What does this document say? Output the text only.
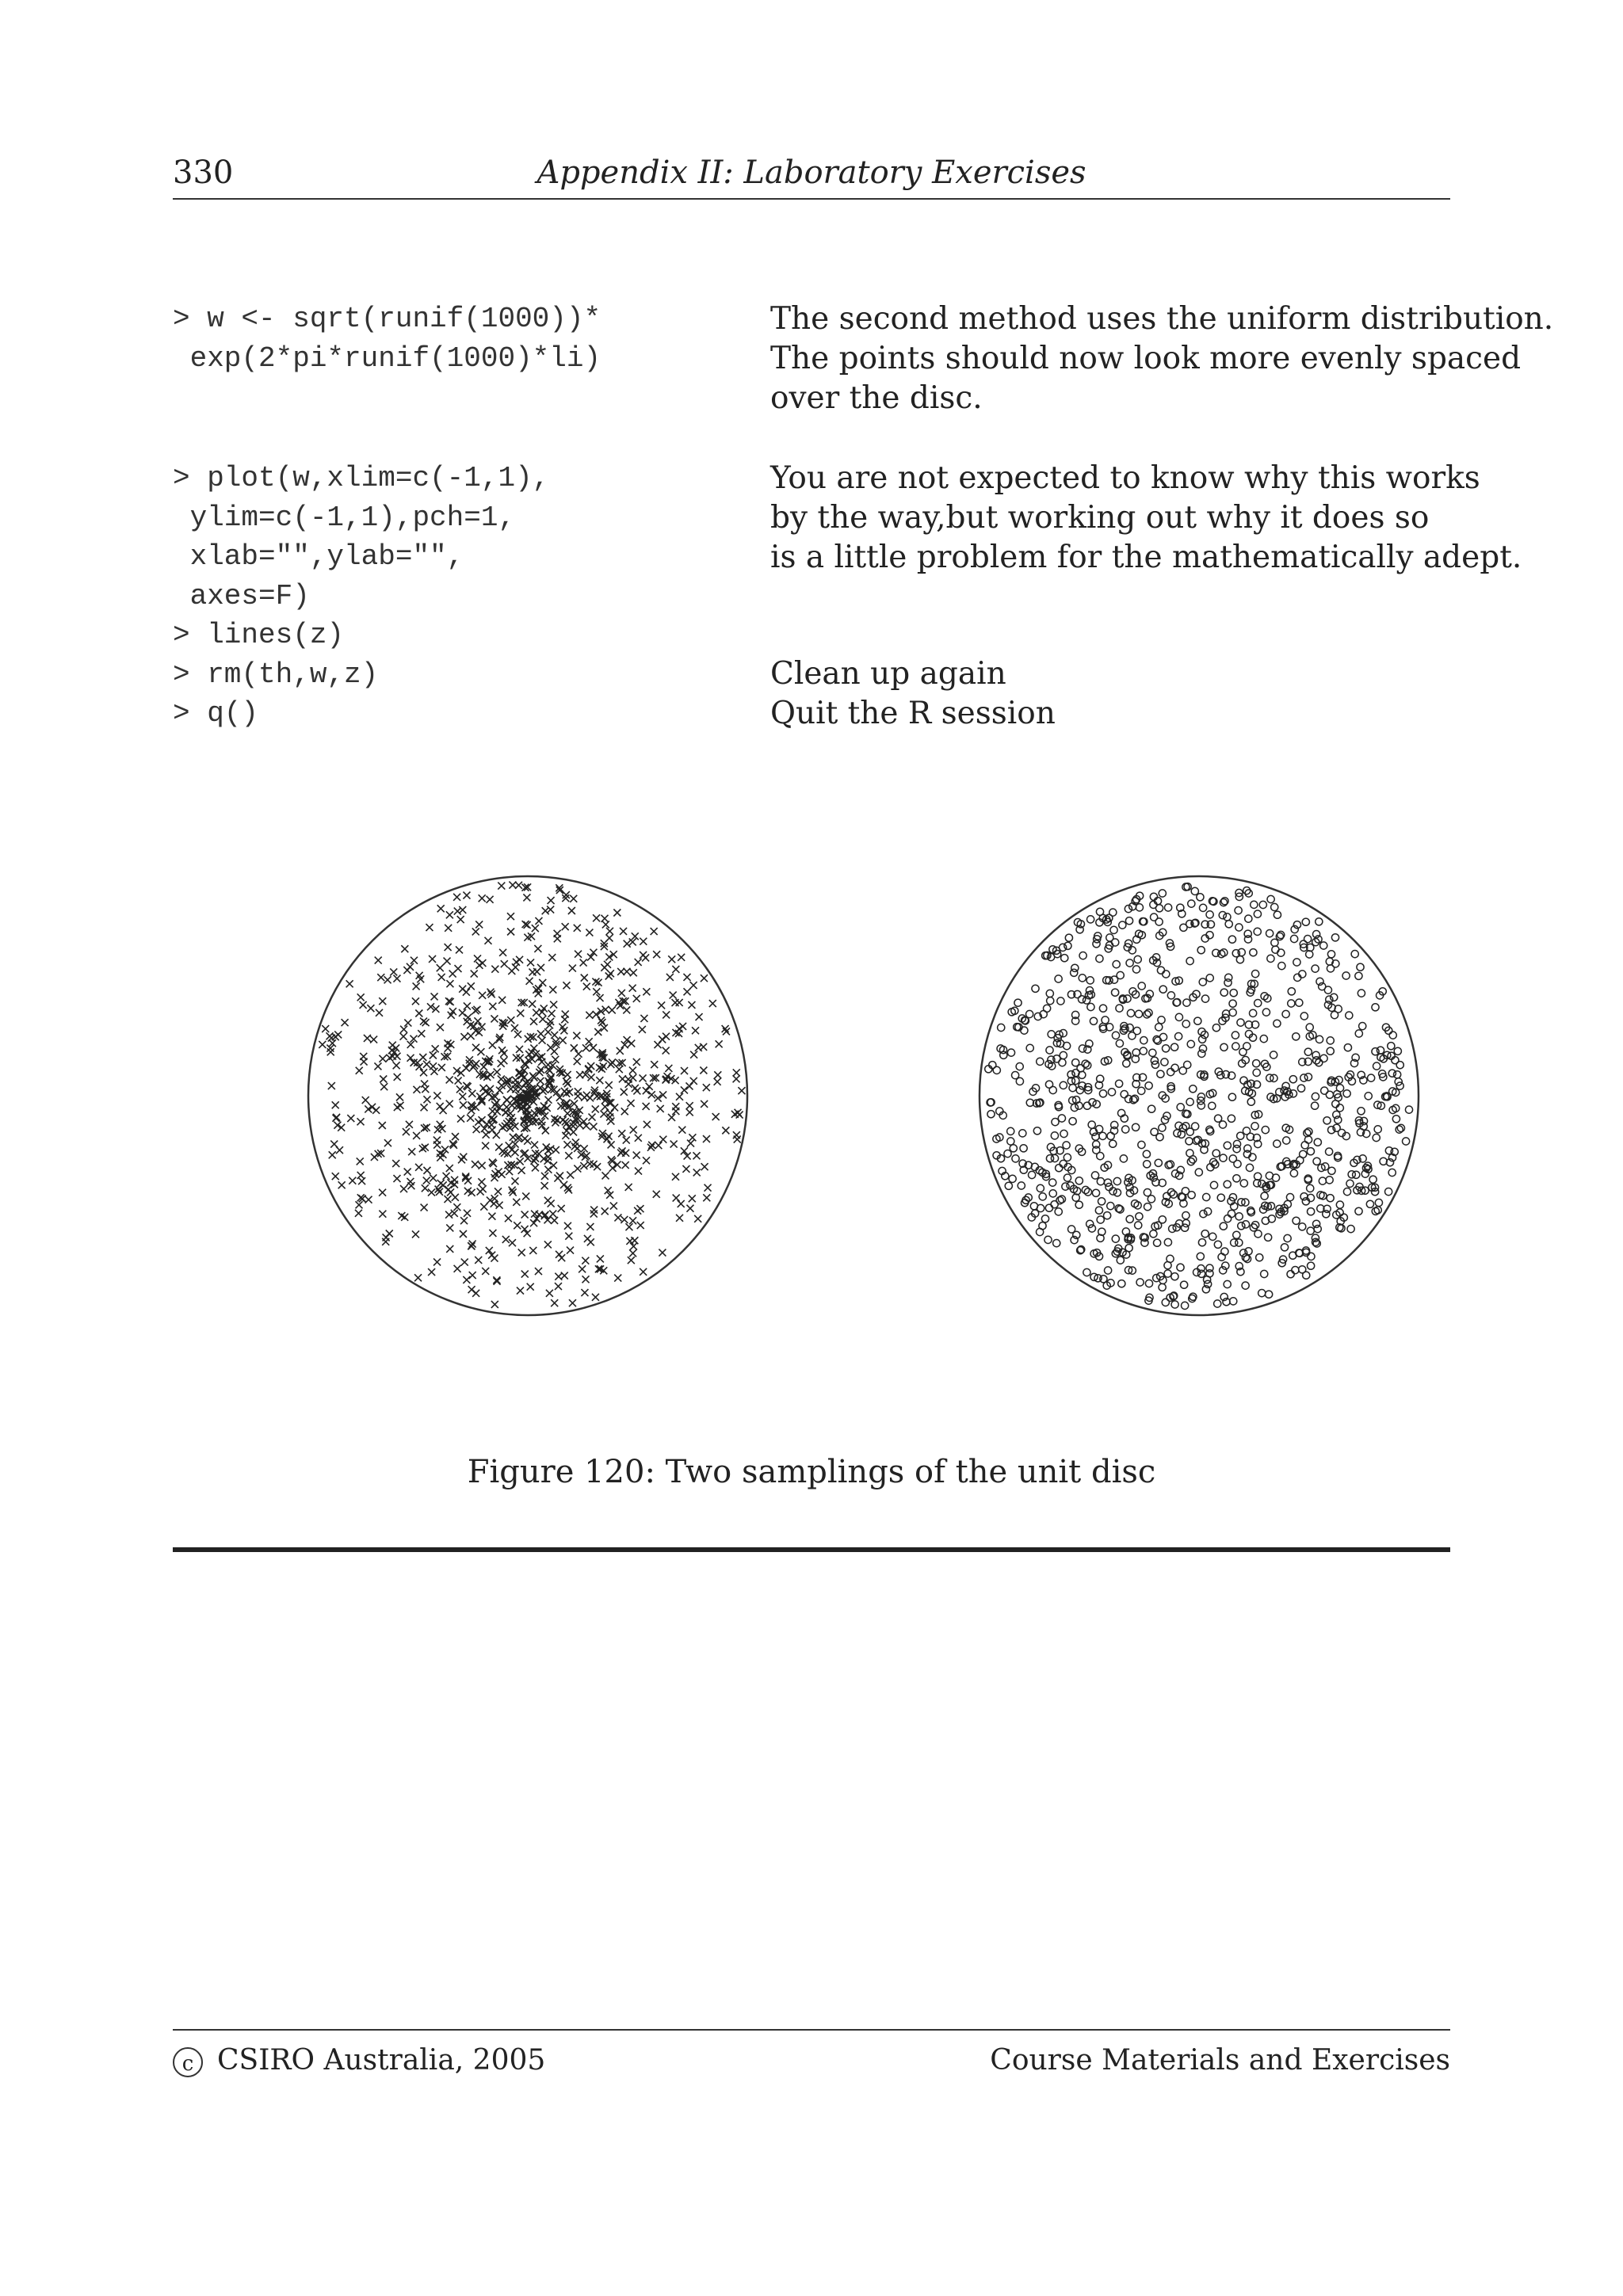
330	Appendix II: Laboratory Exercises
> w <- sqrt(runif(1000))*
exp(2*pi*runif(1000)*li)
The second method uses the uniform distribution.
The points should now look more evenly spaced
over the disc.
> plot(w,xlim=c(-1,1),
ylim=c(-1,1),pch=1,
xlab="",ylab="",
axes=F)
> lines(z)
> rm(th,w,z)
> q()
You are not expected to know why this works
by the way,but working out why it does so
is a little problem for the mathematically adept.
Clean up again
Quit the R session
Figure 120: Two samplings of the unit disc
c CSIRO Australia, 2005	Course Materials and Exercises
